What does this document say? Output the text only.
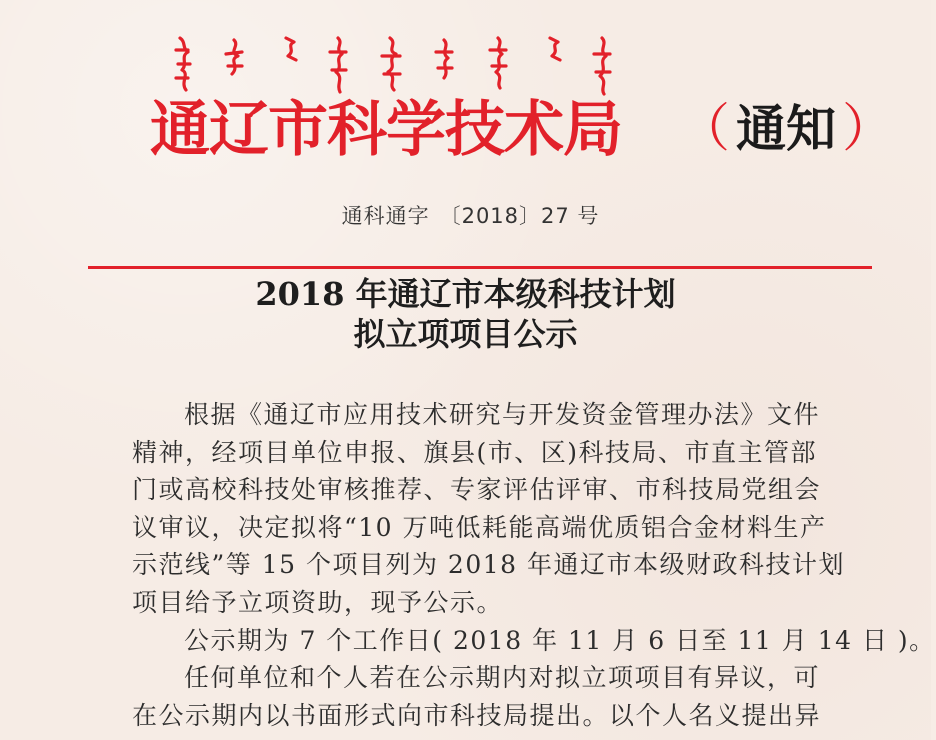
通辽市科学技术局 （ 通知 ）
通科通字 〔2018〕27 号
2018 年通辽市本级科技计划
拟立项项目公示
根据《通辽市应用技术研究与开发资金管理办法》文件
精神，经项目单位申报、旗县(市、区)科技局、市直主管部
门或高校科技处审核推荐、专家评估评审、市科技局党组会
议审议，决定拟将“10 万吨低耗能高端优质铝合金材料生产
示范线”等 15 个项目列为 2018 年通辽市本级财政科技计划
项目给予立项资助，现予公示。
公示期为 7 个工作日( 2018 年 11 月 6 日至 11 月 14 日 )。
任何单位和个人若在公示期内对拟立项项目有异议，可
在公示期内以书面形式向市科技局提出。以个人名义提出异
